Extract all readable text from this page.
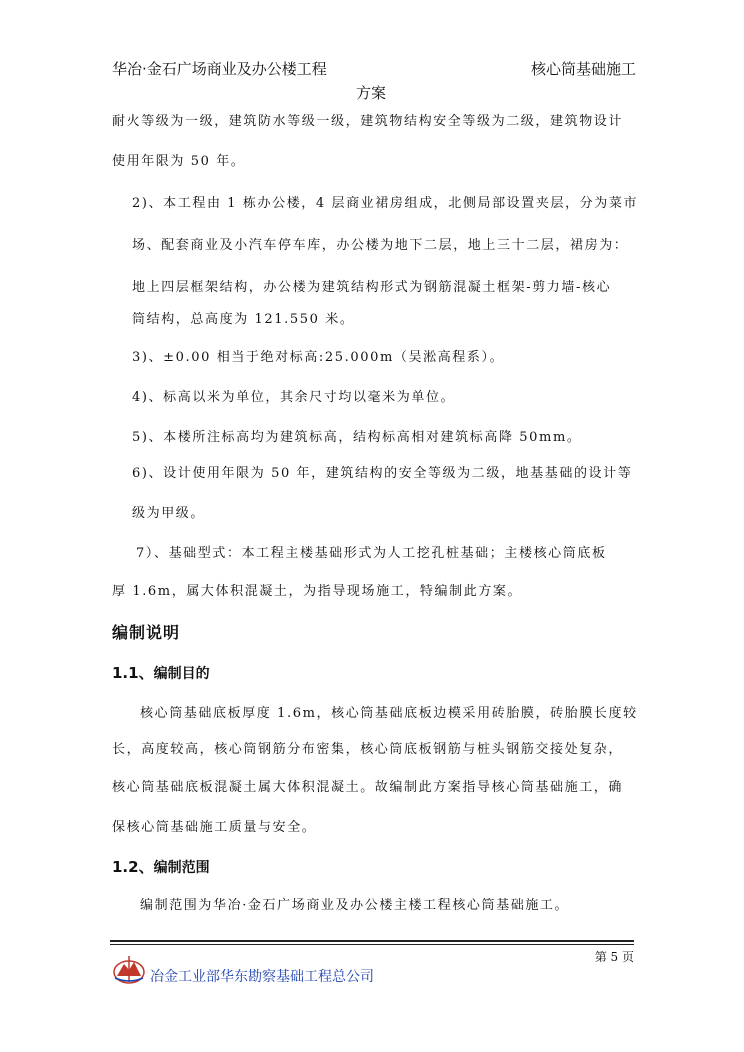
华冶·金石广场商业及办公楼工程	核心筒基础施工
方案
耐火等级为一级，建筑防水等级一级，建筑物结构安全等级为二级，建筑物设计
使用年限为 50 年。
2)、本工程由 1 栋办公楼，4 层商业裙房组成，北侧局部设置夹层，分为菜市
场、配套商业及小汽车停车库，办公楼为地下二层，地上三十二层，裙房为：
地上四层框架结构，办公楼为建筑结构形式为钢筋混凝土框架-剪力墙-核心
筒结构，总高度为 121.550 米。
3)、±0.00 相当于绝对标高:25.000m（吴淞高程系）。
4)、标高以米为单位，其余尺寸均以毫米为单位。
5)、本楼所注标高均为建筑标高，结构标高相对建筑标高降 50mm。
6)、设计使用年限为 50 年，建筑结构的安全等级为二级，地基基础的设计等
级为甲级。
7）、基础型式：本工程主楼基础形式为人工挖孔桩基础；主楼核心筒底板
厚 1.6m，属大体积混凝土，为指导现场施工，特编制此方案。
编制说明
1.1、编制目的
核心筒基础底板厚度 1.6m，核心筒基础底板边模采用砖胎膜，砖胎膜长度较
长，高度较高，核心筒钢筋分布密集，核心筒底板钢筋与桩头钢筋交接处复杂，
核心筒基础底板混凝土属大体积混凝土。故编制此方案指导核心筒基础施工，确
保核心筒基础施工质量与安全。
1.2、编制范围
编制范围为华冶·金石广场商业及办公楼主楼工程核心筒基础施工。
第 5 页
冶金工业部华东勘察基础工程总公司
